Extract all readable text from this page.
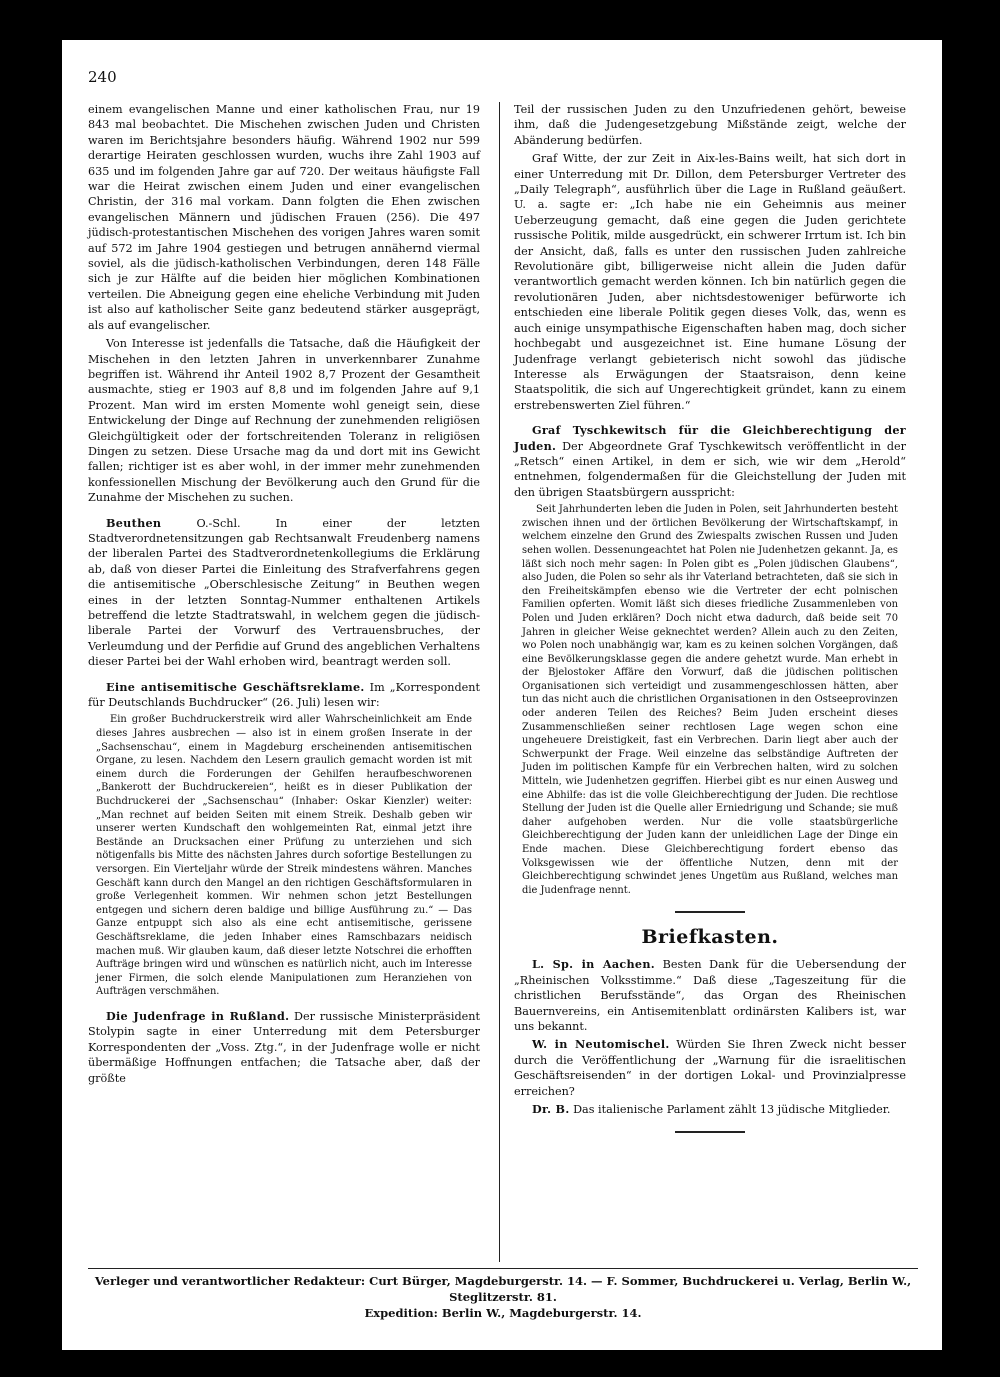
240

einem evangelischen Manne und einer katholischen Frau, nur 19 843 mal beobachtet. Die Mischehen zwischen Juden und Christen waren im Berichtsjahre besonders häufig. Während 1902 nur 599 derartige Heiraten geschlossen wurden, wuchs ihre Zahl 1903 auf 635 und im folgenden Jahre gar auf 720. Der weitaus häufigste Fall war die Heirat zwischen einem Juden und einer evangelischen Christin, der 316 mal vorkam. Dann folgten die Ehen zwischen evangelischen Männern und jüdischen Frauen (256). Die 497 jüdisch-protestantischen Mischehen des vorigen Jahres waren somit auf 572 im Jahre 1904 gestiegen und betrugen annähernd viermal soviel, als die jüdisch-katholischen Verbindungen, deren 148 Fälle sich je zur Hälfte auf die beiden hier möglichen Kombinationen verteilen. Die Abneigung gegen eine eheliche Verbindung mit Juden ist also auf katholischer Seite ganz bedeutend stärker ausgeprägt, als auf evangelischer.

Von Interesse ist jedenfalls die Tatsache, daß die Häufigkeit der Mischehen in den letzten Jahren in unverkennbarer Zunahme begriffen ist. Während ihr Anteil 1902 8,7 Prozent der Gesamtheit ausmachte, stieg er 1903 auf 8,8 und im folgenden Jahre auf 9,1 Prozent. Man wird im ersten Momente wohl geneigt sein, diese Entwickelung der Dinge auf Rechnung der zunehmenden religiösen Gleichgültigkeit oder der fortschreitenden Toleranz in religiösen Dingen zu setzen. Diese Ursache mag da und dort mit ins Gewicht fallen; richtiger ist es aber wohl, in der immer mehr zunehmenden konfessionellen Mischung der Bevölkerung auch den Grund für die Zunahme der Mischehen zu suchen.

Beuthen	O.-Schl. In einer der letzten Stadtverordnetensitzungen gab Rechtsanwalt Freudenberg namens der liberalen Partei des Stadtverordnetenkollegiums die Erklärung ab, daß von dieser Partei die Einleitung des Strafverfahrens gegen die antisemitische „Oberschlesische Zeitung“ in Beuthen wegen eines in der letzten Sonntag-Nummer enthaltenen Artikels betreffend die letzte Stadtratswahl, in welchem gegen die jüdisch-liberale Partei der Vorwurf des Vertrauensbruches, der Verleumdung und der Perfidie auf Grund des angeblichen Verhaltens dieser Partei bei der Wahl erhoben wird, beantragt werden soll.

Eine antisemitische Geschäftsreklame. Im „Korrespondent für Deutschlands Buchdrucker“ (26. Juli) lesen wir:

Ein großer Buchdruckerstreik wird aller Wahrscheinlichkeit am Ende dieses Jahres ausbrechen — also ist in einem großen Inserate in der „Sachsenschau“, einem in Magdeburg erscheinenden antisemitischen Organe, zu lesen. Nachdem den Lesern graulich gemacht worden ist mit einem durch die Forderungen der Gehilfen heraufbeschworenen „Bankerott der Buchdruckereien“, heißt es in dieser Publikation der Buchdruckerei der „Sachsenschau“ (Inhaber: Oskar Kienzler) weiter: „Man rechnet auf beiden Seiten mit einem Streik. Deshalb geben wir unserer werten Kundschaft den wohlgemeinten Rat, einmal jetzt ihre Bestände an Drucksachen einer Prüfung zu unterziehen und sich nötigenfalls bis Mitte des nächsten Jahres durch sofortige Bestellungen zu versorgen. Ein Vierteljahr würde der Streik mindestens währen. Manches Geschäft kann durch den Mangel an den richtigen Geschäftsformularen in große Verlegenheit kommen. Wir nehmen schon jetzt Bestellungen entgegen und sichern deren baldige und billige Ausführung zu.“ — Das Ganze entpuppt sich also als eine echt antisemitische, gerissene Geschäftsreklame, die jeden Inhaber eines Ramschbazars neidisch machen muß. Wir glauben kaum, daß dieser letzte Notschrei die erhofften Aufträge bringen wird und wünschen es natürlich nicht, auch im Interesse jener Firmen, die solch elende Manipulationen zum Heranziehen von Aufträgen verschmähen.

Die Judenfrage in Rußland. Der russische Ministerpräsident Stolypin sagte in einer Unterredung mit dem Petersburger Korrespondenten der „Voss. Ztg.“, in der Judenfrage wolle er nicht übermäßige Hoffnungen entfachen; die Tatsache aber, daß der größte

Teil der russischen Juden zu den Unzufriedenen gehört, beweise ihm, daß die Judengesetzgebung Mißstände zeigt, welche der Abänderung bedürfen.

Graf Witte, der zur Zeit in Aix-les-Bains weilt, hat sich dort in einer Unterredung mit Dr. Dillon, dem Petersburger Vertreter des „Daily Telegraph“, ausführlich über die Lage in Rußland geäußert. U. a. sagte er: „Ich habe nie ein Geheimnis aus meiner Ueberzeugung gemacht, daß eine gegen die Juden gerichtete russische Politik, milde ausgedrückt, ein schwerer Irrtum ist. Ich bin der Ansicht, daß, falls es unter den russischen Juden zahlreiche Revolutionäre gibt, billigerweise nicht allein die Juden dafür verantwortlich gemacht werden können. Ich bin natürlich gegen die revolutionären Juden, aber nichtsdestoweniger befürworte ich entschieden eine liberale Politik gegen dieses Volk, das, wenn es auch einige unsympathische Eigenschaften haben mag, doch sicher hochbegabt und ausgezeichnet ist. Eine humane Lösung der Judenfrage verlangt gebieterisch nicht sowohl das jüdische Interesse als Erwägungen der Staatsraison, denn keine Staatspolitik, die sich auf Ungerechtigkeit gründet, kann zu einem erstrebenswerten Ziel führen.“

Graf Tyschkewitsch für die Gleichberechtigung der Juden. Der Abgeordnete Graf Tyschkewitsch veröffentlicht in der „Retsch“ einen Artikel, in dem er sich, wie wir dem „Herold“ entnehmen, folgendermaßen für die Gleichstellung der Juden mit den übrigen Staatsbürgern ausspricht:

Seit Jahrhunderten leben die Juden in Polen, seit Jahrhunderten besteht zwischen ihnen und der örtlichen Bevölkerung der Wirtschaftskampf, in welchem einzelne den Grund des Zwiespalts zwischen Russen und Juden sehen wollen. Dessenungeachtet hat Polen nie Judenhetzen gekannt. Ja, es läßt sich noch mehr sagen: In Polen gibt es „Polen jüdischen Glaubens“, also Juden, die Polen so sehr als ihr Vaterland betrachteten, daß sie sich in den Freiheitskämpfen ebenso wie die Vertreter der echt polnischen Familien opferten. Womit läßt sich dieses friedliche Zusammenleben von Polen und Juden erklären? Doch nicht etwa dadurch, daß beide seit 70 Jahren in gleicher Weise geknechtet werden? Allein auch zu den Zeiten, wo Polen noch unabhängig war, kam es zu keinen solchen Vorgängen, daß eine Bevölkerungsklasse gegen die andere gehetzt wurde. Man erhebt in der Bjelostoker Affäre den Vorwurf, daß die jüdischen politischen Organisationen sich verteidigt und zusammengeschlossen hätten, aber tun das nicht auch die christlichen Organisationen in den Ostseeprovinzen oder anderen Teilen des Reiches? Beim Juden erscheint dieses Zusammenschließen seiner rechtlosen Lage wegen schon eine ungeheuere Dreistigkeit, fast ein Verbrechen. Darin liegt aber auch der Schwerpunkt der Frage. Weil einzelne das selbständige Auftreten der Juden im politischen Kampfe für ein Verbrechen halten, wird zu solchen Mitteln, wie Judenhetzen gegriffen. Hierbei gibt es nur einen Ausweg und eine Abhilfe: das ist die volle Gleichberechtigung der Juden. Die rechtlose Stellung der Juden ist die Quelle aller Erniedrigung und Schande; sie muß daher aufgehoben werden. Nur die volle staatsbürgerliche Gleichberechtigung der Juden kann der unleidlichen Lage der Dinge ein Ende machen. Diese Gleichberechtigung fordert ebenso das Volksgewissen wie der öffentliche Nutzen, denn mit der Gleichberechtigung schwindet jenes Ungetüm aus Rußland, welches man die Judenfrage nennt.

Briefkasten.

L. Sp. in Aachen. Besten Dank für die Uebersendung der „Rheinischen Volksstimme.“ Daß diese „Tageszeitung für die christlichen Berufsstände“, das Organ des Rheinischen Bauernvereins, ein Antisemitenblatt ordinärsten Kalibers ist, war uns bekannt.

W. in Neutomischel. Würden Sie Ihren Zweck nicht besser durch die Veröffentlichung der „Warnung für die israelitischen Geschäftsreisenden“ in der dortigen Lokal- und Provinzialpresse erreichen?

Dr. B. Das italienische Parlament zählt 13 jüdische Mitglieder.

Verleger und verantwortlicher Redakteur: Curt Bürger, Magdeburgerstr. 14. — F. Sommer, Buchdruckerei u. Verlag, Berlin W., Steglitzerstr. 81.
Expedition: Berlin W., Magdeburgerstr. 14.
